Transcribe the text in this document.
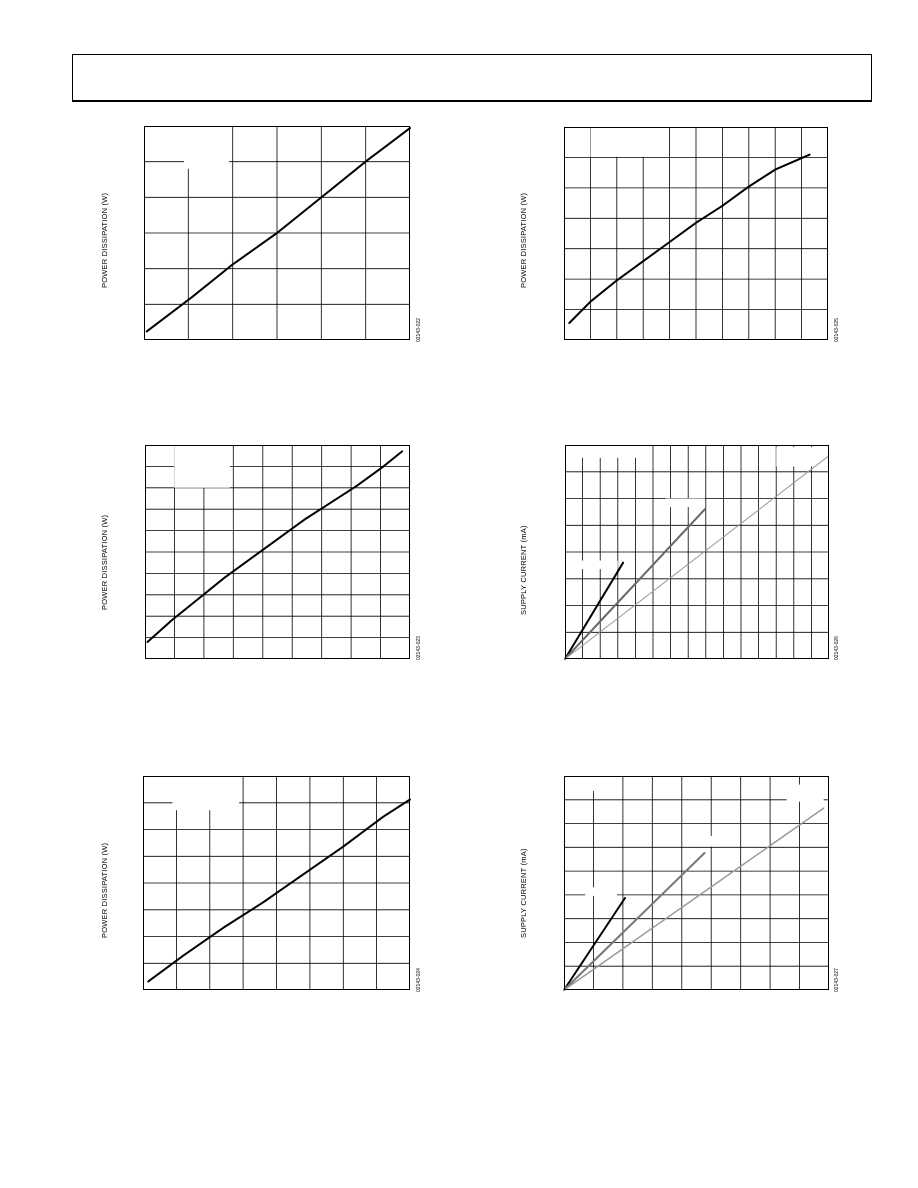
POWER DISSIPATION (W)
02143-022
POWER DISSIPATION (W)
02143-025
POWER DISSIPATION (W)
02143-023
SUPPLY CURRENT (mA)
02143-026
POWER DISSIPATION (W)
02143-024
SUPPLY CURRENT (mA)
02143-027
